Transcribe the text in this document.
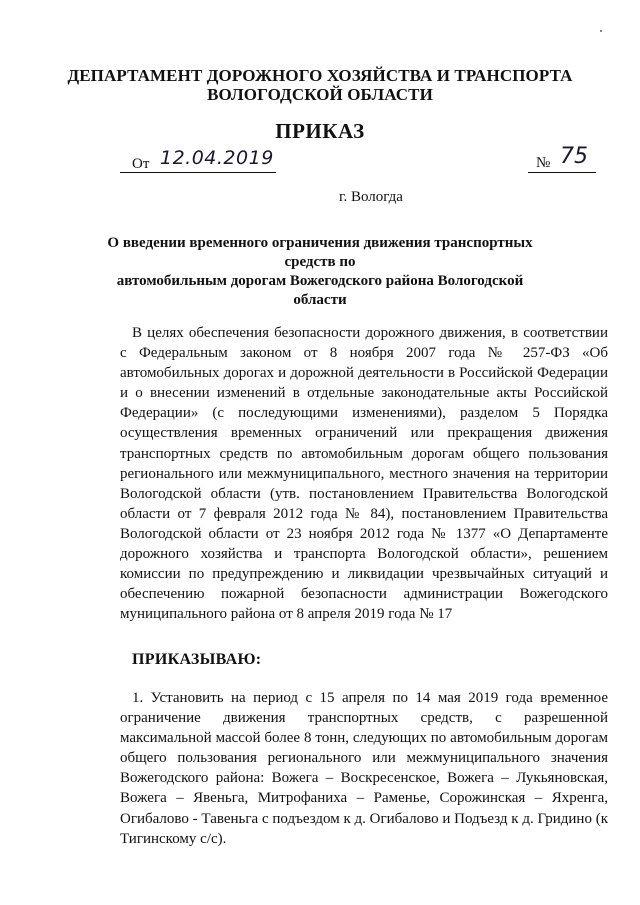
ДЕПАРТАМЕНТ ДОРОЖНОГО ХОЗЯЙСТВА И ТРАНСПОРТА
ВОЛОГОДСКОЙ ОБЛАСТИ
ПРИКАЗ
От 12.04.2019	№ 75
г. Вологда
О введении временного ограничения движения транспортных средств по
автомобильным дорогам Вожегодского района Вологодской области

В целях обеспечения безопасности дорожного движения, в соответствии с Федеральным законом от 8 ноября 2007 года № 257-ФЗ «Об автомобильных дорогах и дорожной деятельности в Российской Федерации и о внесении изменений в отдельные законодательные акты Российской Федерации» (с последующими изменениями), разделом 5 Порядка осуществления временных ограничений или прекращения движения транспортных средств по автомобильным дорогам общего пользования регионального или межмуниципального, местного значения на территории Вологодской области (утв. постановлением Правительства Вологодской области от 7 февраля 2012 года № 84), постановлением Правительства Вологодской области от 23 ноября 2012 года № 1377 «О Департаменте дорожного хозяйства и транспорта Вологодской области», решением комиссии по предупреждению и ликвидации чрезвычайных ситуаций и обеспечению пожарной безопасности администрации Вожегодского муниципального района от 8 апреля 2019 года № 17

ПРИКАЗЫВАЮ:

1. Установить на период с 15 апреля по 14 мая 2019 года временное ограничение движения транспортных средств, с разрешенной максимальной массой более 8 тонн, следующих по автомобильным дорогам общего пользования регионального или межмуниципального значения Вожегодского района: Вожега – Воскресенское, Вожега – Лукьяновская, Вожега – Явеньга, Митрофаниха – Раменье, Сорожинская – Яхренга, Огибалово - Тавеньга с подъездом к д. Огибалово и Подъезд к д. Гридино (к Тигинскому с/с).
